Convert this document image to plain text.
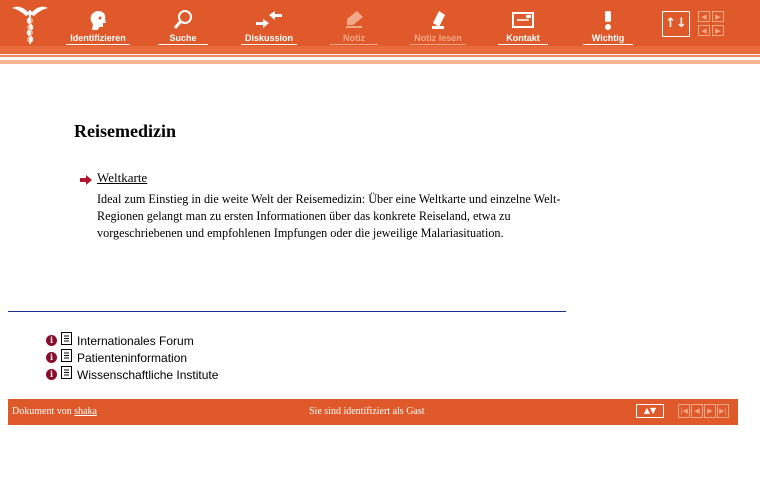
Identifizieren	Suche	Diskussion	Notiz	Notiz lesen	Kontakt	Wichtig
↑↓	◀	▶
◀	▶
Reisemedizin
Weltkarte

Ideal zum Einstieg in die weite Welt der Reisemedizin: Über eine Weltkarte und einzelne Welt-Regionen gelangt man zu ersten Informationen über das konkrete Reiseland, etwa zu vorgeschriebenen und empfohlenen Impfungen oder die jeweilige Malariasituation.

i	Internationales Forum
i	Patienteninformation
i	Wissenschaftliche Institute
Dokument von shaka	Sie sind identifiziert als Gast	▲▼	|◀ ◀ ▶ ▶|
